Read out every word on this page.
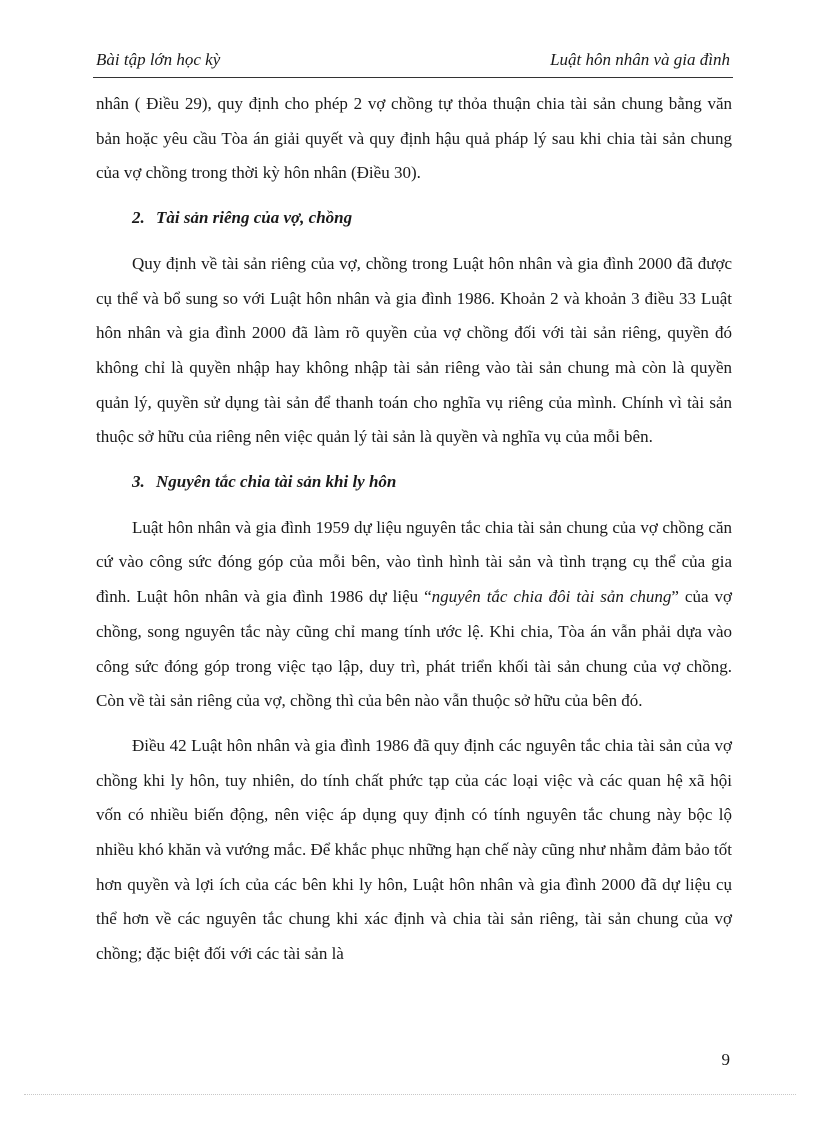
Bài tập lớn học kỳ	Luật hôn nhân và gia đình

nhân ( Điều 29), quy định cho phép 2 vợ chồng tự thỏa thuận chia tài sản chung bằng văn bản hoặc yêu cầu Tòa án giải quyết và quy định hậu quả pháp lý sau khi chia tài sản chung của vợ chồng trong thời kỳ hôn nhân (Điều 30).

2. Tài sản riêng của vợ, chồng

Quy định về tài sản riêng của vợ, chồng trong Luật hôn nhân và gia đình 2000 đã được cụ thể và bổ sung so với Luật hôn nhân và gia đình 1986. Khoản 2 và khoản 3 điều 33 Luật hôn nhân và gia đình 2000 đã làm rõ quyền của vợ chồng đối với tài sản riêng, quyền đó không chỉ là quyền nhập hay không nhập tài sản riêng vào tài sản chung mà còn là quyền quản lý, quyền sử dụng tài sản để thanh toán cho nghĩa vụ riêng của mình. Chính vì tài sản thuộc sở hữu của riêng nên việc quản lý tài sản là quyền và nghĩa vụ của mỗi bên.

3. Nguyên tắc chia tài sản khi ly hôn

Luật hôn nhân và gia đình 1959 dự liệu nguyên tắc chia tài sản chung của vợ chồng căn cứ vào công sức đóng góp của mỗi bên, vào tình hình tài sản và tình trạng cụ thể của gia đình. Luật hôn nhân và gia đình 1986 dự liệu “nguyên tắc chia đôi tài sản chung” của vợ chồng, song nguyên tắc này cũng chỉ mang tính ước lệ. Khi chia, Tòa án vẫn phải dựa vào công sức đóng góp trong việc tạo lập, duy trì, phát triển khối tài sản chung của vợ chồng. Còn về tài sản riêng của vợ, chồng thì của bên nào vẫn thuộc sở hữu của bên đó.

Điều 42 Luật hôn nhân và gia đình 1986 đã quy định các nguyên tắc chia tài sản của vợ chồng khi ly hôn, tuy nhiên, do tính chất phức tạp của các loại việc và các quan hệ xã hội vốn có nhiều biến động, nên việc áp dụng quy định có tính nguyên tắc chung này bộc lộ nhiều khó khăn và vướng mắc. Để khắc phục những hạn chế này cũng như nhằm đảm bảo tốt hơn quyền và lợi ích của các bên khi ly hôn, Luật hôn nhân và gia đình 2000 đã dự liệu cụ thể hơn về các nguyên tắc chung khi xác định và chia tài sản riêng, tài sản chung của vợ chồng; đặc biệt đối với các tài sản là

9
